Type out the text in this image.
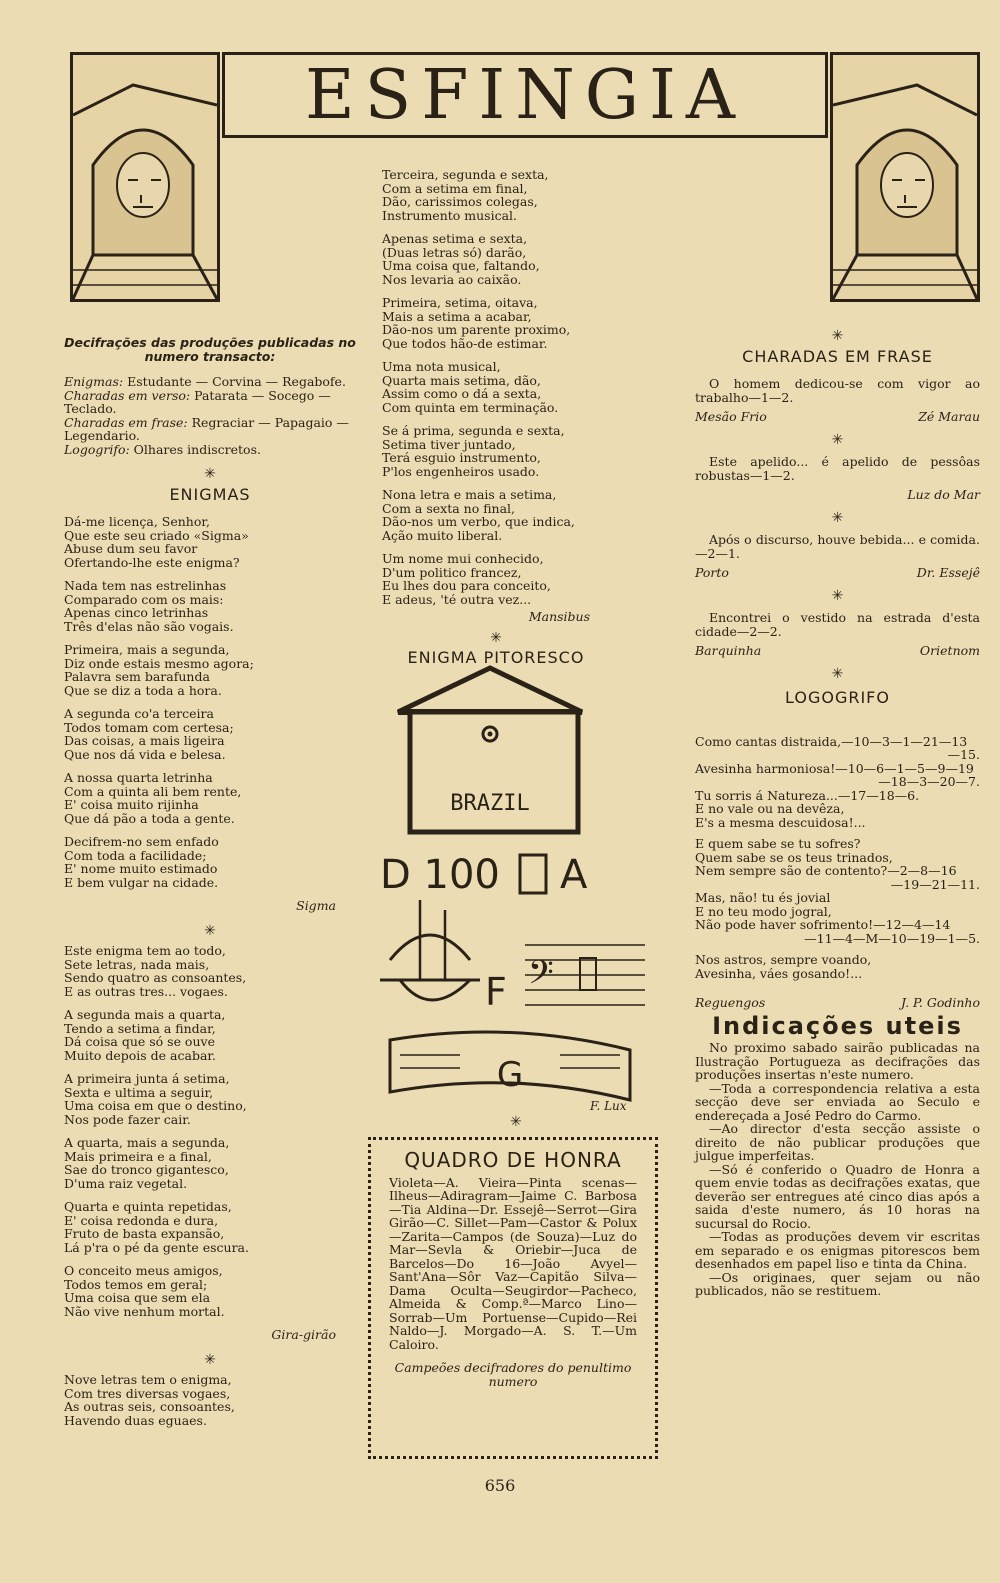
ESFINGIA
Decifrações das produções publicadas no numero transacto:
Enigmas: Estudante — Corvina — Regabofe.
Charadas em verso: Patarata — Socego — Teclado.
Charadas em frase: Regraciar — Papagaio — Legendario.
Logogrifo: Olhares indiscretos.
✳
ENIGMAS
Dá-me licença, Senhor,
Que este seu criado «Sigma»
Abuse dum seu favor
Ofertando-lhe este enigma?
Nada tem nas estrelinhas
Comparado com os mais:
Apenas cinco letrinhas
Três d'elas não são vogais.
Primeira, mais a segunda,
Diz onde estais mesmo agora;
Palavra sem barafunda
Que se diz a toda a hora.
A segunda co'a terceira
Todos tomam com certesa;
Das coisas, a mais ligeira
Que nos dá vida e belesa.
A nossa quarta letrinha
Com a quinta ali bem rente,
E' coisa muito rijinha
Que dá pão a toda a gente.
Decifrem-no sem enfado
Com toda a facilidade;
E' nome muito estimado
E bem vulgar na cidade.
Sigma
✳
Este enigma tem ao todo,
Sete letras, nada mais,
Sendo quatro as consoantes,
E as outras tres... vogaes.
A segunda mais a quarta,
Tendo a setima a findar,
Dá coisa que só se ouve
Muito depois de acabar.
A primeira junta á setima,
Sexta e ultima a seguir,
Uma coisa em que o destino,
Nos pode fazer cair.
A quarta, mais a segunda,
Mais primeira e a final,
Sae do tronco gigantesco,
D'uma raiz vegetal.
Quarta e quinta repetidas,
E' coisa redonda e dura,
Fruto de basta expansão,
Lá p'ra o pé da gente escura.
O conceito meus amigos,
Todos temos em geral;
Uma coisa que sem ela
Não vive nenhum mortal.
Gira-girão
✳
Nove letras tem o enigma,
Com tres diversas vogaes,
As outras seis, consoantes,
Havendo duas eguaes.
Terceira, segunda e sexta,
Com a setima em final,
Dão, carissimos colegas,
Instrumento musical.
Apenas setima e sexta,
(Duas letras só) darão,
Uma coisa que, faltando,
Nos levaria ao caixão.
Primeira, setima, oitava,
Mais a setima a acabar,
Dão-nos um parente proximo,
Que todos hão-de estimar.
Uma nota musical,
Quarta mais setima, dão,
Assim como o dá a sexta,
Com quinta em terminação.
Se á prima, segunda e sexta,
Setima tiver juntado,
Terá esguio instrumento,
P'los engenheiros usado.
Nona letra e mais a setima,
Com a sexta no final,
Dão-nos um verbo, que indica,
Ação muito liberal.
Um nome mui conhecido,
D'um politico francez,
Eu lhes dou para conceito,
E adeus, 'té outra vez...
Mansibus
✳
ENIGMA PITORESCO
BRAZIL
D 100 A
F 𝄢
G
F. Lux
✳
QUADRO DE HONRA
Violeta—A. Vieira—Pinta scenas—Ilheus—Adiragram—Jaime C. Barbosa—Tia Aldina—Dr. Essejê—Serrot—Gira Girão—C. Sillet—Pam—Castor & Polux—Zarita—Campos (de Souza)—Luz do Mar—Sevla & Oriebir—Juca de Barcelos—Do 16—João Avyel—Sant'Ana—Sôr Vaz—Capitão Silva—Dama Oculta—Seugirdor—Pacheco, Almeida & Comp.ª—Marco Lino—Sorrab—Um Portuense—Cupido—Rei Naldo—J. Morgado—A. S. T.—Um Caloiro.
Campeões decifradores do penultimo numero
✳
CHARADAS EM FRASE
O homem dedicou-se com vigor ao trabalho—1—2.
Mesão Frio	Zé Marau
✳
Este apelido... é apelido de pessôas robustas—1—2.
Luz do Mar
✳
Após o discurso, houve bebida... e comida.—2—1.
Porto	Dr. Essejê
✳
Encontrei o vestido na estrada d'esta cidade—2—2.
Barquinha	Orietnom
✳
LOGOGRIFO
Como cantas distraida,—10—3—1—21—13
—15.
Avesinha harmoniosa!—10—6—1—5—9—19
—18—3—20—7.
Tu sorris á Natureza...—17—18—6.
E no vale ou na devêza,
E's a mesma descuidosa!...
E quem sabe se tu sofres?
Quem sabe se os teus trinados,
Nem sempre são de contento?—2—8—16
—19—21—11.
Mas, não! tu és jovial
E no teu modo jogral,
Não pode haver sofrimento!—12—4—14
—11—4—M—10—19—1—5.
Nos astros, sempre voando,
Avesinha, váes gosando!...
Reguengos	J. P. Godinho
Indicações uteis

No proximo sabado sairão publicadas na Ilustração Portugueza as decifrações das produções insertas n'este numero.

—Toda a correspondencia relativa a esta secção deve ser enviada ao Seculo e endereçada a José Pedro do Carmo.

—Ao director d'esta secção assiste o direito de não publicar produções que julgue imperfeitas.

—Só é conferido o Quadro de Honra a quem envie todas as decifrações exatas, que deverão ser entregues até cinco dias após a saida d'este numero, ás 10 horas na sucursal do Rocio.

—Todas as produções devem vir escritas em separado e os enigmas pitorescos bem desenhados em papel liso e tinta da China.

—Os originaes, quer sejam ou não publicados, não se restituem.

656
